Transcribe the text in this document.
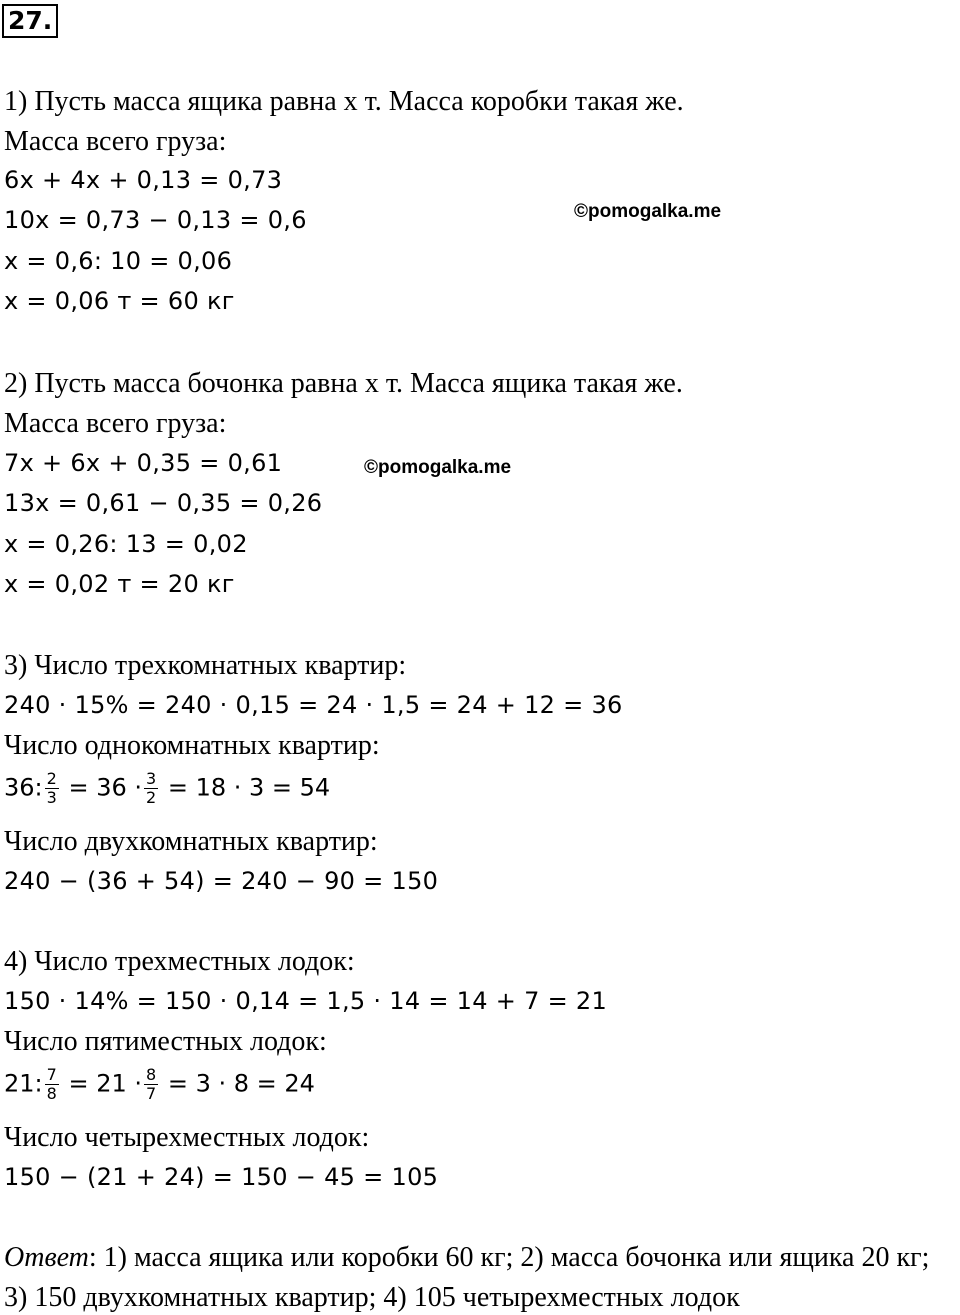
27.
1) Пусть масса ящика равна x т. Масса коробки такая же.
Масса всего груза:
6x + 4x + 0,13 = 0,73
10x = 0,73 − 0,13 = 0,6
x = 0,6: 10 = 0,06
x = 0,06 т = 60 кг
©pomogalka.me
2) Пусть масса бочонка равна x т. Масса ящика такая же.
Масса всего груза:
7x + 6x + 0,35 = 0,61
13x = 0,61 − 0,35 = 0,26
x = 0,26: 13 = 0,02
x = 0,02 т = 20 кг
©pomogalka.me
3) Число трехкомнатных квартир:
240 · 15% = 240 · 0,15 = 24 · 1,5 = 24 + 12 = 36
Число однокомнатных квартир:
36: $\frac{2}{3} = 36 \cdot \frac{3}{2} = 18 \cdot 3 = 54$
Число двухкомнатных квартир:
240 − (36 + 54) = 240 − 90 = 150
4) Число трехместных лодок:
150 · 14% = 150 · 0,14 = 1,5 · 14 = 14 + 7 = 21
Число пятиместных лодок:
21: $\frac{7}{8} = 21 \cdot \frac{8}{7} = 3 \cdot 8 = 24$
Число четырехместных лодок:
150 − (21 + 24) = 150 − 45 = 105
Ответ: 1) масса ящика или коробки 60 кг; 2) масса бочонка или ящика 20 кг;
3) 150 двухкомнатных квартир; 4) 105 четырехместных лодок
